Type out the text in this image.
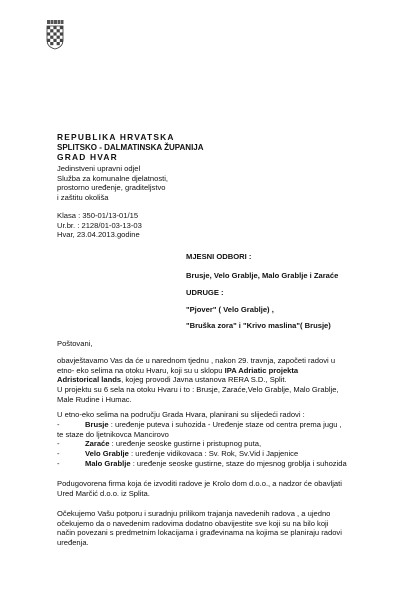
REPUBLIKA HRVATSKA
SPLITSKO - DALMATINSKA ŽUPANIJA
GRAD HVAR
Jedinstveni upravni odjel
Služba za komunalne djelatnosti,
prostorno uređenje, graditeljstvo
i zaštitu okoliša
Klasa : 350-01/13-01/15
Ur.br. : 2128/01-03-13-03
Hvar, 23.04.2013.godine
MJESNI ODBORI :
Brusje, Velo Grablje, Malo Grablje i Zaraće
UDRUGE :
"Pjover" ( Velo Grablje) ,
"Bruška zora" i "Krivo maslina"( Brusje)
Poštovani,
obavještavamo Vas da će u narednom tjednu , nakon 29. travnja, započeti radovi u
etno- eko selima na otoku Hvaru, koji su u sklopu IPA Adriatic projekta
Adristorical lands, kojeg provodi Javna ustanova RERA S.D., Split.
U projektu su 6 sela na otoku Hvaru i to : Brusje, Zaraće,Velo Grablje, Malo Grablje,
Male Rudine i Humac.
U etno-eko selima na području Grada Hvara, planirani su slijedeći radovi :
-	Brusje : uređenje puteva i suhozida - Uređenje staze od centra prema jugu ,
te staze do ljetnikovca Mancirovo
-	Zaraće : uređenje seoske gustirne i pristupnog puta,
-	Velo Grablje : uređenje vidikovaca : Sv. Rok, Sv.Vid i Japjenice
-	Malo Grablje : uređenje seoske gustirne, staze do mjesnog groblja i suhozida
Podugovorena firma koja će izvoditi radove je Krolo dom d.o.o., a nadzor će obavljati
Ured Marčić d.o.o. iz Splita.
Očekujemo Vašu potporu i suradnju prilikom trajanja navedenih radova , a ujedno
očekujemo da o navedenim radovima dodatno obavijestite sve koji su na bilo koji
način povezani s predmetnim lokacijama i građevinama na kojima se planiraju radovi
uređenja.
